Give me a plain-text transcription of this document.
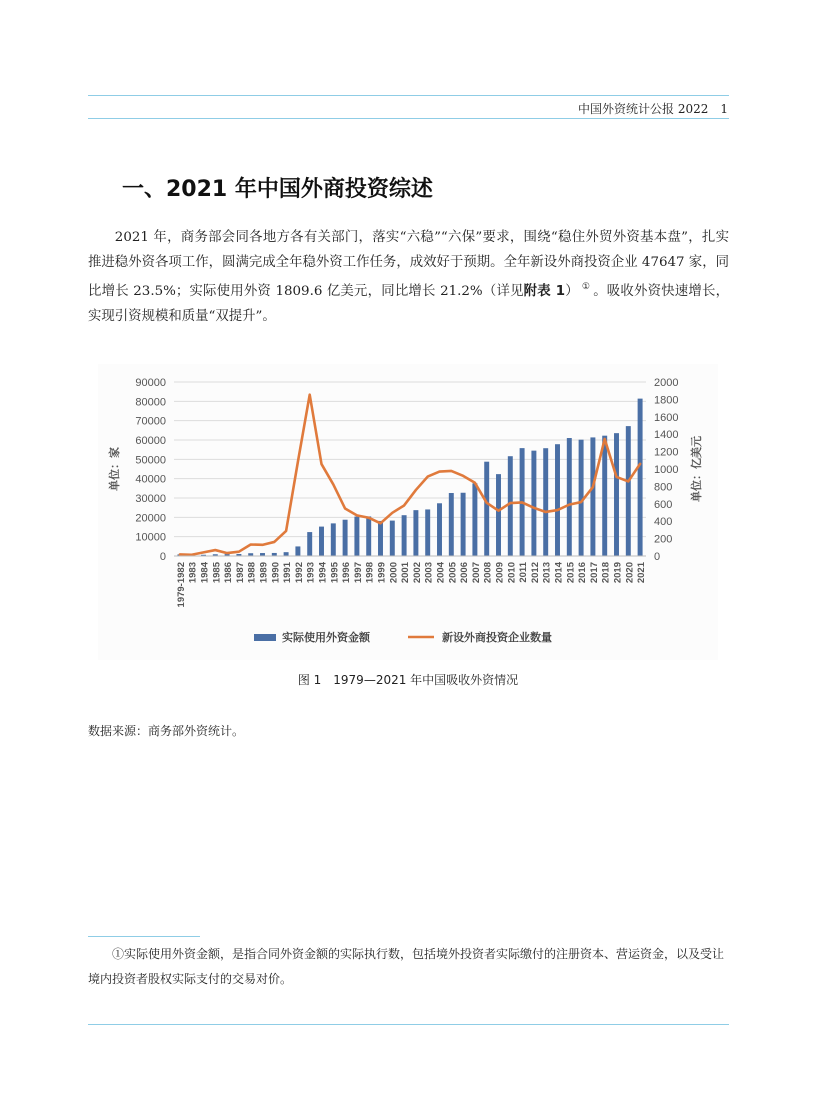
中国外资统计公报 2022 1
一、2021 年中国外商投资综述
2021 年，商务部会同各地方各有关部门，落实“六稳”“六保”要求，围绕“稳住外贸外资基本盘”，扎实推进稳外资各项工作，圆满完成全年稳外资工作任务，成效好于预期。全年新设外商投资企业 47647 家，同比增长 23.5%；实际使用外资 1809.6 亿美元，同比增长 21.2%（详见附表 1） ① 。吸收外资快速增长，实现引资规模和质量“双提升”。
0
10000
20000
30000
40000
50000
60000
70000
80000
90000
0
200
400
600
800
1000
1200
1400
1600
1800
2000
单位：家	单位：亿美元
1979-1982 1983 1984 1985 1986 1987 1988 1989 1990 1991 1992 1993 1994 1995 1996 1997 1998 1999 2000 2001 2002 2003 2004 2005 2006 2007 2008 2009 2010 2011 2012 2013 2014 2015 2016 2017 2018 2019 2020 2021
实际使用外资金额	新设外商投资企业数量
图 1　1979—2021 年中国吸收外资情况
数据来源：商务部外资统计。
①实际使用外资金额，是指合同外资金额的实际执行数，包括境外投资者实际缴付的注册资本、营运资金，以及受让境内投资者股权实际支付的交易对价。
